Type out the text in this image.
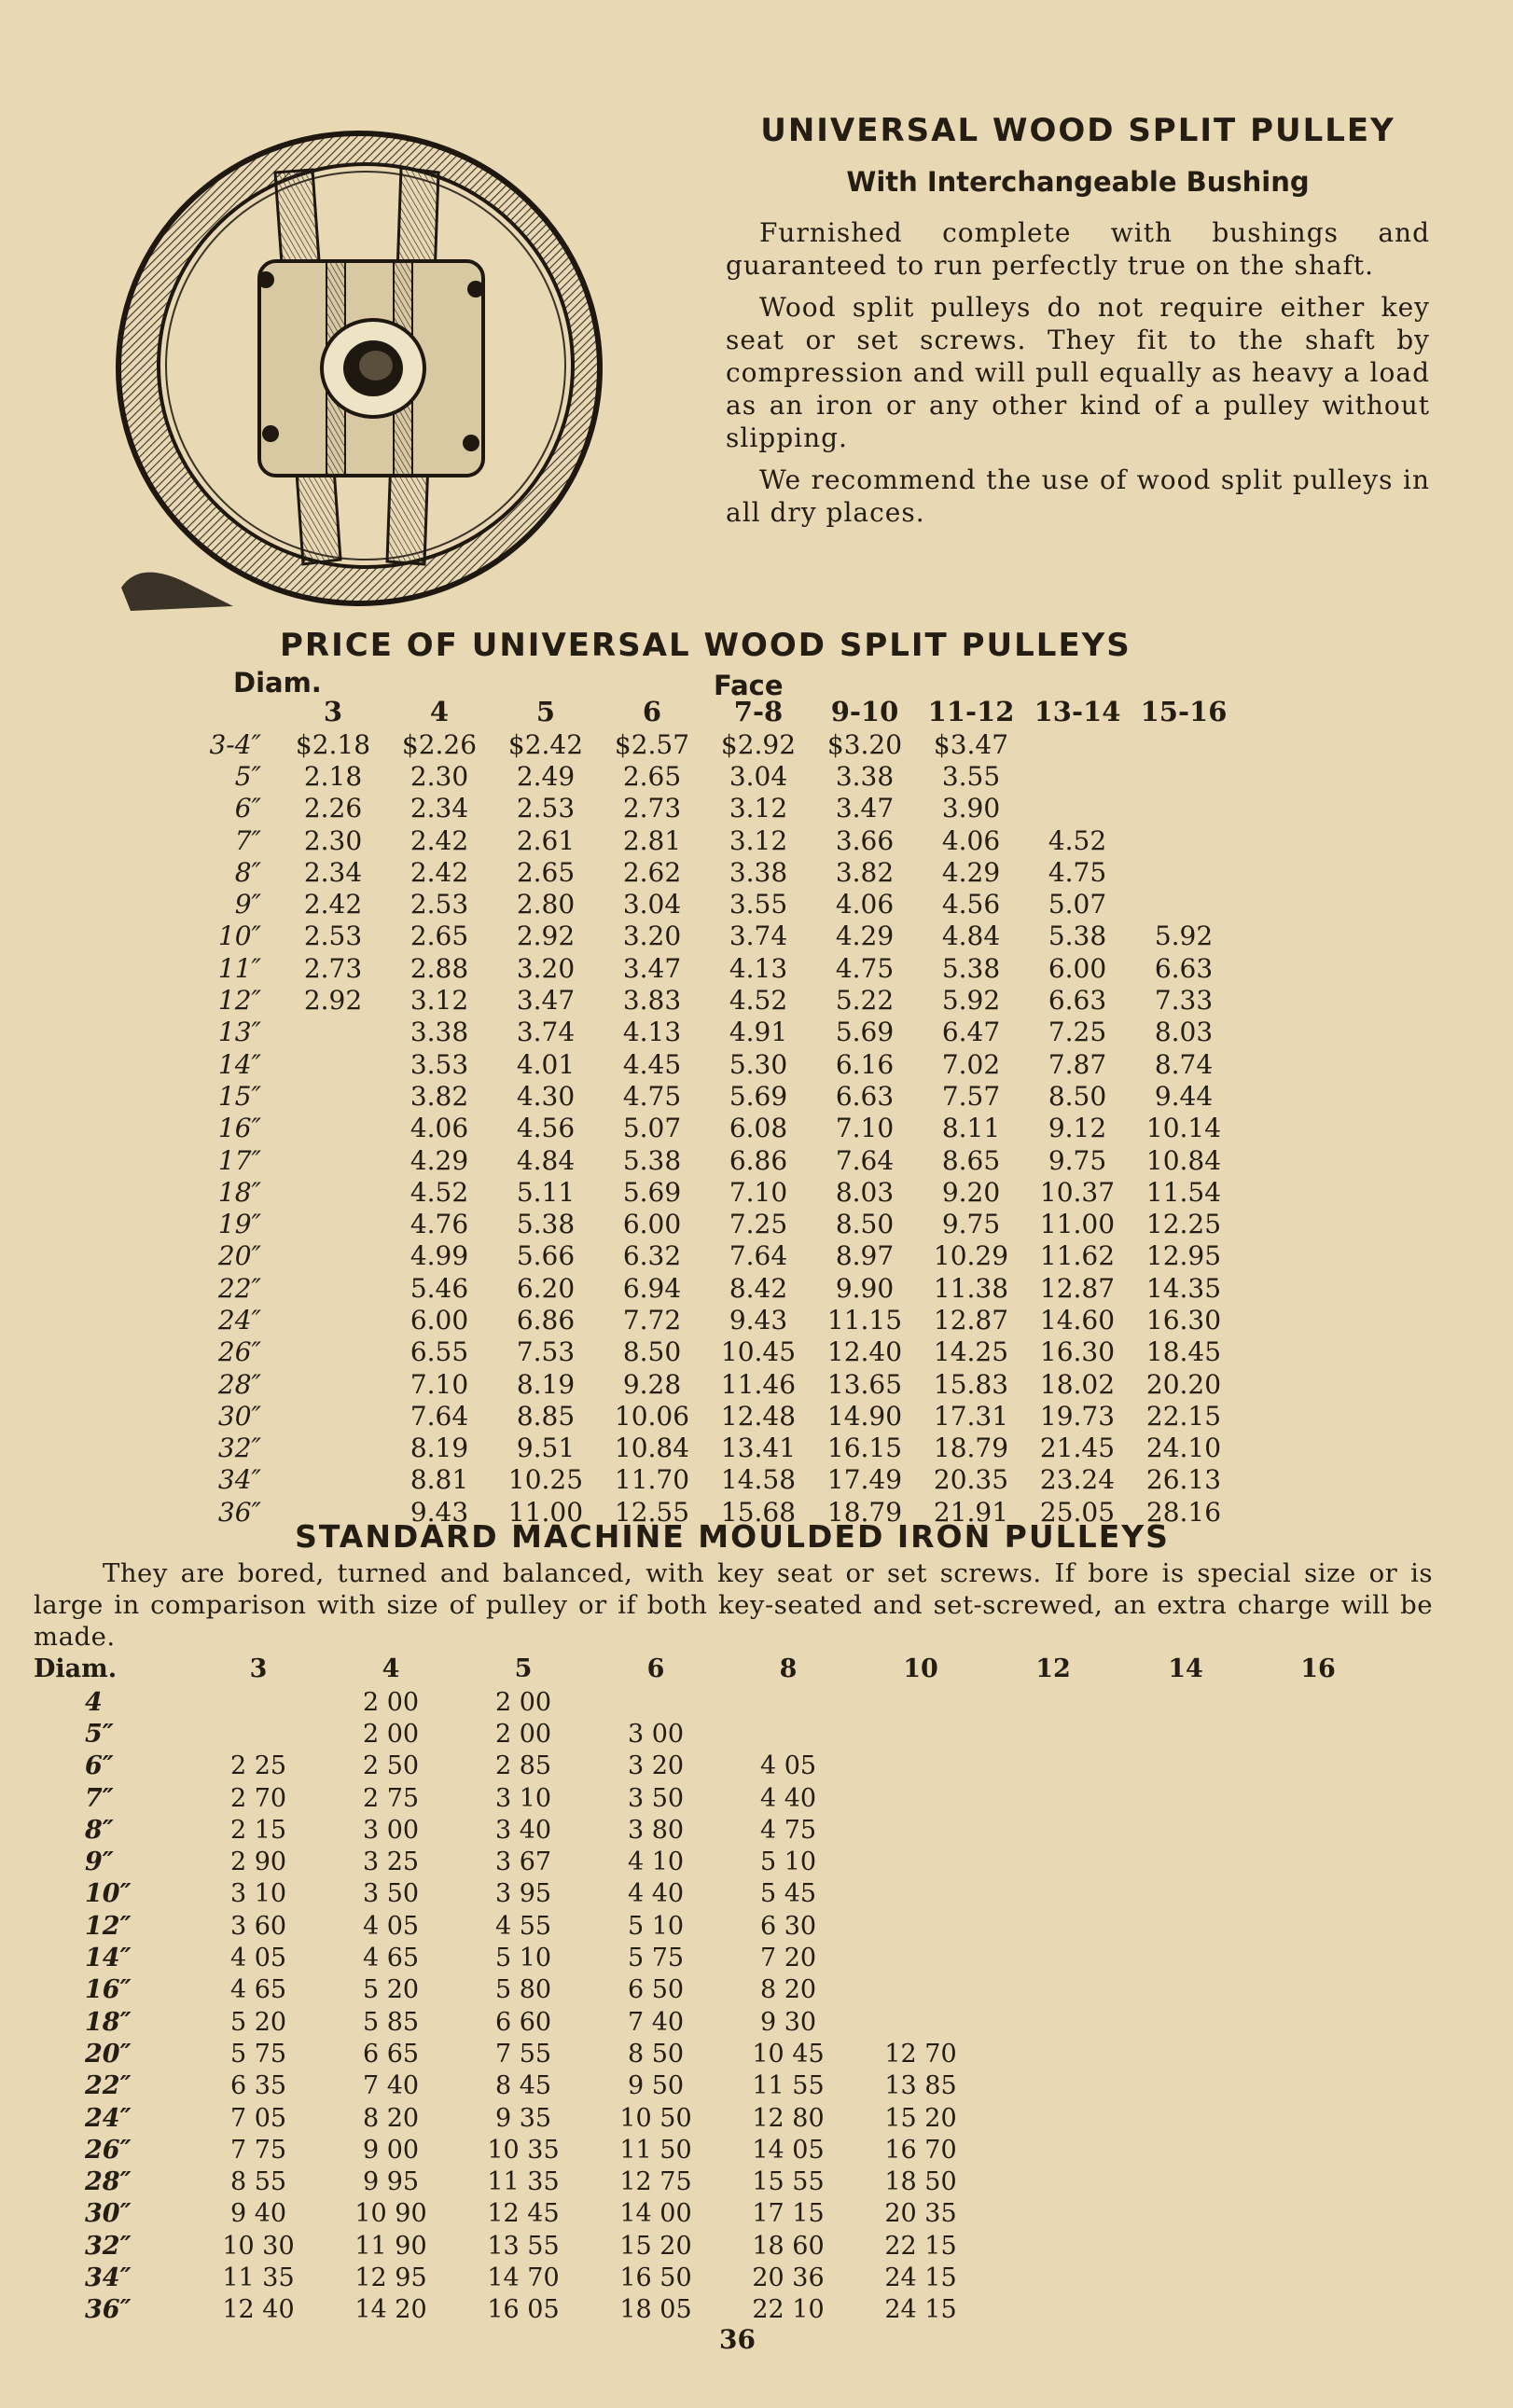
UNIVERSAL WOOD SPLIT PULLEY
With Interchangeable Bushing

Furnished complete with bushings and guaranteed to run perfectly true on the shaft.

Wood split pulleys do not require either key seat or set screws. They fit to the shaft by compression and will pull equally as heavy a load as an iron or any other kind of a pulley without slipping.

We recommend the use of wood split pulleys in all dry places.

PRICE OF UNIVERSAL WOOD SPLIT PULLEYS
Diam.	Face
	3	4	5	6	7-8	9-10	11-12	13-14	15-16
3-4″	$2.18	$2.26	$2.42	$2.57	$2.92	$3.20	$3.47		
5″	2.18	2.30	2.49	2.65	3.04	3.38	3.55		
6″	2.26	2.34	2.53	2.73	3.12	3.47	3.90		
7″	2.30	2.42	2.61	2.81	3.12	3.66	4.06	4.52	
8″	2.34	2.42	2.65	2.62	3.38	3.82	4.29	4.75	
9″	2.42	2.53	2.80	3.04	3.55	4.06	4.56	5.07	
10″	2.53	2.65	2.92	3.20	3.74	4.29	4.84	5.38	5.92
11″	2.73	2.88	3.20	3.47	4.13	4.75	5.38	6.00	6.63
12″	2.92	3.12	3.47	3.83	4.52	5.22	5.92	6.63	7.33
13″		3.38	3.74	4.13	4.91	5.69	6.47	7.25	8.03
14″		3.53	4.01	4.45	5.30	6.16	7.02	7.87	8.74
15″		3.82	4.30	4.75	5.69	6.63	7.57	8.50	9.44
16″		4.06	4.56	5.07	6.08	7.10	8.11	9.12	10.14
17″		4.29	4.84	5.38	6.86	7.64	8.65	9.75	10.84
18″		4.52	5.11	5.69	7.10	8.03	9.20	10.37	11.54
19″		4.76	5.38	6.00	7.25	8.50	9.75	11.00	12.25
20″		4.99	5.66	6.32	7.64	8.97	10.29	11.62	12.95
22″		5.46	6.20	6.94	8.42	9.90	11.38	12.87	14.35
24″		6.00	6.86	7.72	9.43	11.15	12.87	14.60	16.30
26″		6.55	7.53	8.50	10.45	12.40	14.25	16.30	18.45
28″		7.10	8.19	9.28	11.46	13.65	15.83	18.02	20.20
30″		7.64	8.85	10.06	12.48	14.90	17.31	19.73	22.15
32″		8.19	9.51	10.84	13.41	16.15	18.79	21.45	24.10
34″		8.81	10.25	11.70	14.58	17.49	20.35	23.24	26.13
36″		9.43	11.00	12.55	15.68	18.79	21.91	25.05	28.16
STANDARD MACHINE MOULDED IRON PULLEYS

They are bored, turned and balanced, with key seat or set screws. If bore is special size or is large in comparison with size of pulley or if both key-seated and set-screwed, an extra charge will be made.

Diam.	3	4	5	6	8	10	12	14	16
4		2 00	2 00						
5″		2 00	2 00	3 00					
6″	2 25	2 50	2 85	3 20	4 05				
7″	2 70	2 75	3 10	3 50	4 40				
8″	2 15	3 00	3 40	3 80	4 75				
9″	2 90	3 25	3 67	4 10	5 10				
10″	3 10	3 50	3 95	4 40	5 45				
12″	3 60	4 05	4 55	5 10	6 30				
14″	4 05	4 65	5 10	5 75	7 20				
16″	4 65	5 20	5 80	6 50	8 20				
18″	5 20	5 85	6 60	7 40	9 30				
20″	5 75	6 65	7 55	8 50	10 45	12 70			
22″	6 35	7 40	8 45	9 50	11 55	13 85			
24″	7 05	8 20	9 35	10 50	12 80	15 20			
26″	7 75	9 00	10 35	11 50	14 05	16 70			
28″	8 55	9 95	11 35	12 75	15 55	18 50			
30″	9 40	10 90	12 45	14 00	17 15	20 35			
32″	10 30	11 90	13 55	15 20	18 60	22 15			
34″	11 35	12 95	14 70	16 50	20 36	24 15			
36″	12 40	14 20	16 05	18 05	22 10	24 15			
36
